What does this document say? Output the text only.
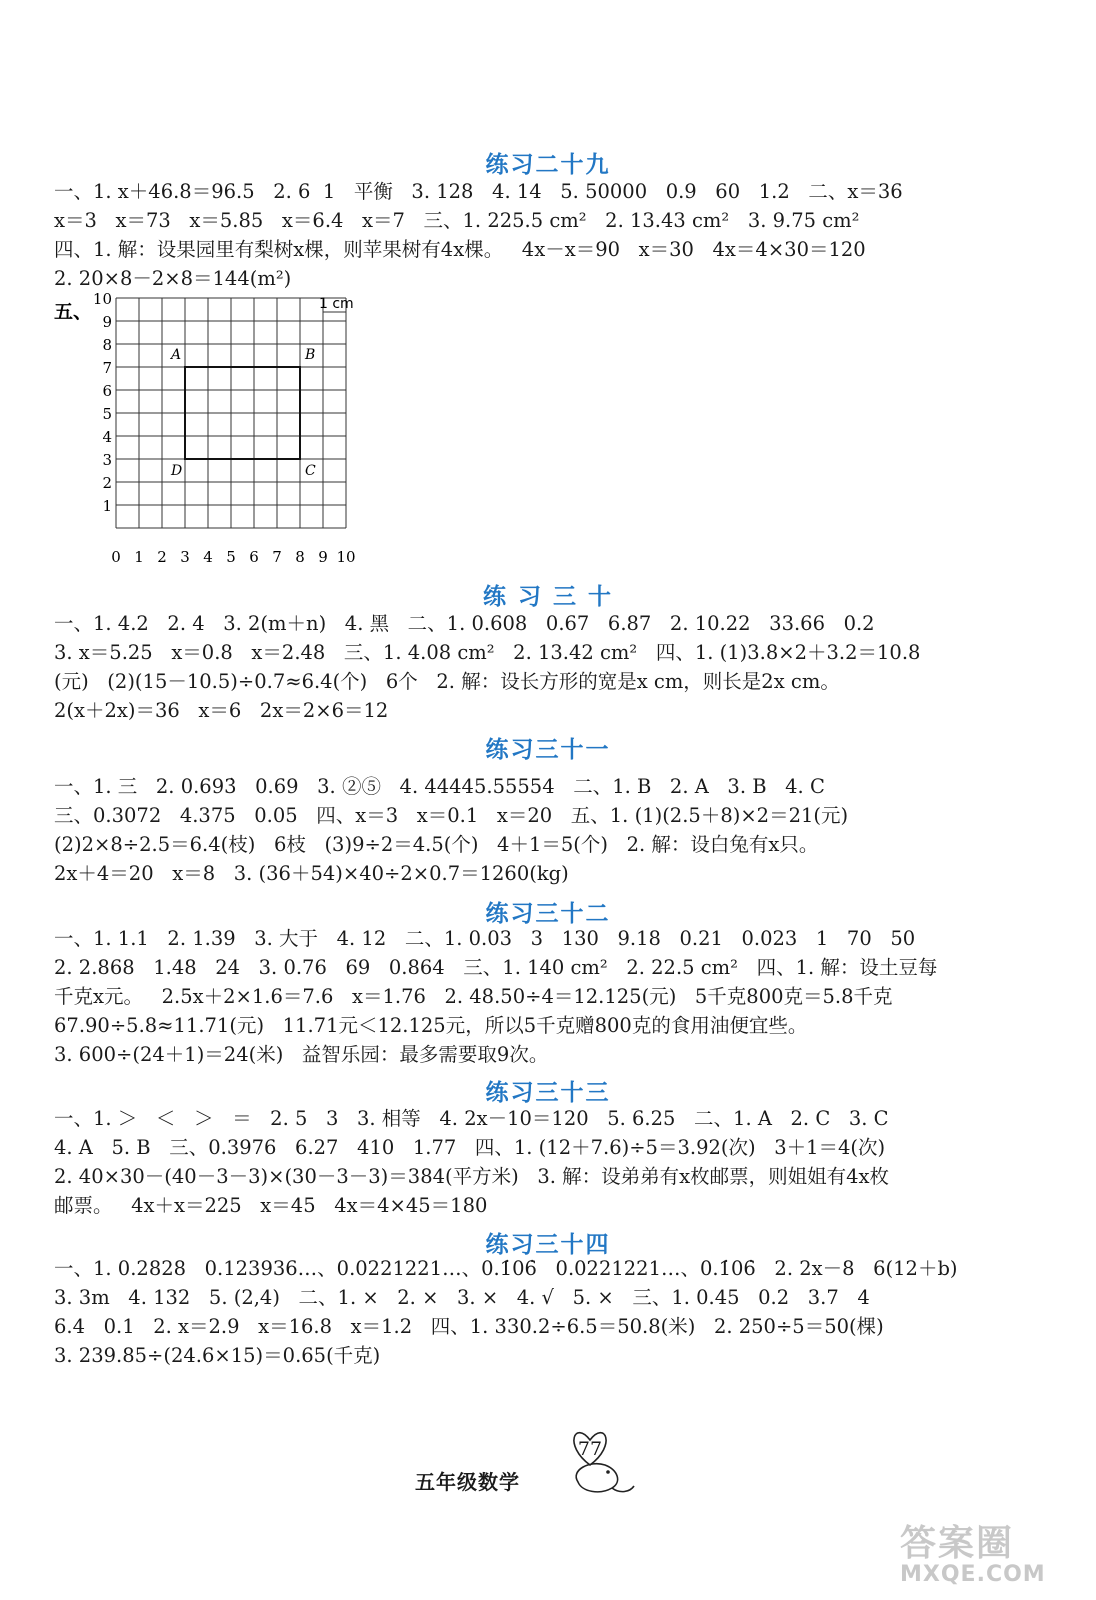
练习二十九
一、1. x＋46.8＝96.5   2. 6  1   平衡   3. 128   4. 14   5. 50000   0.9   60   1.2   二、x＝36
x＝3   x＝73   x＝5.85   x＝6.4   x＝7   三、1. 225.5 cm²   2. 13.43 cm²   3. 9.75 cm²
四、1. 解：设果园里有梨树x棵，则苹果树有4x棵。   4x－x＝90   x＝30   4x＝4×30＝120
2. 20×8－2×8＝144(m²)
五、	1 cm
0 1 2 3 4 5 6 7 8 9 10
1
2
3
4
5
6
7
8
9
10
A	B
C
D
练 习 三 十
一、1. 4.2   2. 4   3. 2(m＋n)   4. 黑   二、1. 0.608   0.67   6.87   2. 10.22   33.66   0.2
3. x＝5.25   x＝0.8   x＝2.48   三、1. 4.08 cm²   2. 13.42 cm²   四、1. (1)3.8×2＋3.2＝10.8
(元)   (2)(15－10.5)÷0.7≈6.4(个)   6个   2. 解：设长方形的宽是x cm，则长是2x cm。
2(x＋2x)＝36   x＝6   2x＝2×6＝12
练习三十一
一、1. 三   2. 0.693̇   0.69   3. ②⑤   4. 44445.55554   二、1. B   2. A   3. B   4. C
三、0.3072   4.375   0.05   四、x＝3   x＝0.1   x＝20   五、1. (1)(2.5＋8)×2＝21(元)
(2)2×8÷2.5＝6.4(枝)   6枝   (3)9÷2＝4.5(个)   4＋1＝5(个)   2. 解：设白兔有x只。
2x＋4＝20   x＝8   3. (36＋54)×40÷2×0.7＝1260(kg)
练习三十二
一、1. 1.1   2. 1.39   3. 大于   4. 12   二、1. 0.03   3   130   9.18   0.21   0.023   1   70   50
2. 2.868   1.48   24   3. 0.76   69   0.864   三、1. 140 cm²   2. 22.5 cm²   四、1. 解：设土豆每
千克x元。   2.5x＋2×1.6＝7.6   x＝1.76   2. 48.50÷4＝12.125(元)   5千克800克＝5.8千克
67.90÷5.8≈11.71(元)   11.71元＜12.125元，所以5千克赠800克的食用油便宜些。
3. 600÷(24＋1)＝24(米)   益智乐园：最多需要取9次。
练习三十三
一、1. ＞   ＜   ＞   ＝   2. 5   3   3. 相等   4. 2x－10＝120   5. 6.25   二、1. A   2. C   3. C
4. A   5. B   三、0.3976   6.27   410   1.77   四、1. (12＋7.6)÷5＝3.92(次)   3＋1＝4(次)
2. 40×30－(40－3－3)×(30－3－3)＝384(平方米)   3. 解：设弟弟有x枚邮票，则姐姐有4x枚
邮票。   4x＋x＝225   x＝45   4x＝4×45＝180
练习三十四
一、1. 0.2828   0.123936…、0.0221221…、0.1̇06̇   0.0221221…、0.1̇06̇   2. 2x－8   6(12＋b)
3. 3m   4. 132   5. (2,4)   二、1. ×   2. ×   3. ×   4. √   5. ×   三、1. 0.45   0.2   3.7   4
6.4   0.1   2. x＝2.9   x＝16.8   x＝1.2   四、1. 330.2÷6.5＝50.8(米)   2. 250÷5＝50(棵)
3. 239.85÷(24.6×15)＝0.65(千克)
77
五年级数学
答案圈
MXQE.COM
